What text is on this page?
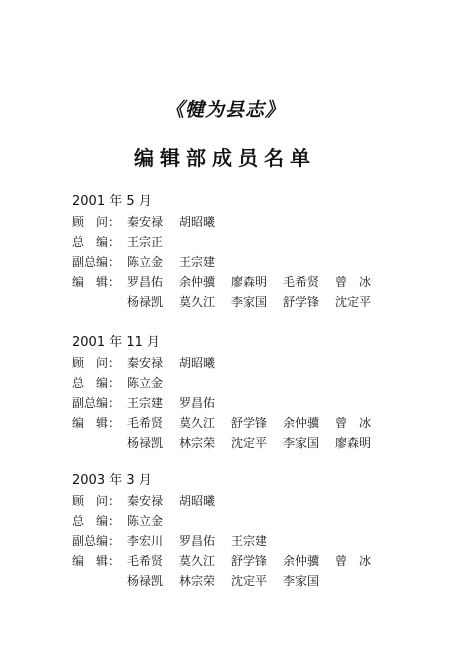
《犍为县志》
编辑部成员名单
2001 年 5 月
顾　问： 秦安禄	胡昭曦
总　编： 王宗正
副总编： 陈立金	王宗建
编　辑： 罗昌佑	余仲骥	廖森明	毛希贤	曾　冰
杨禄凯	莫久江	李家国	舒学锋	沈定平
2001 年 11 月
顾　问： 秦安禄	胡昭曦
总　编： 陈立金
副总编： 王宗建	罗昌佑
编　辑： 毛希贤	莫久江	舒学锋	余仲骥	曾　冰
杨禄凯	林宗荣	沈定平	李家国	廖森明
2003 年 3 月
顾　问： 秦安禄	胡昭曦
总　编： 陈立金
副总编： 李宏川	罗昌佑	王宗建
编　辑： 毛希贤	莫久江	舒学锋	余仲骥	曾　冰
杨禄凯	林宗荣	沈定平	李家国
